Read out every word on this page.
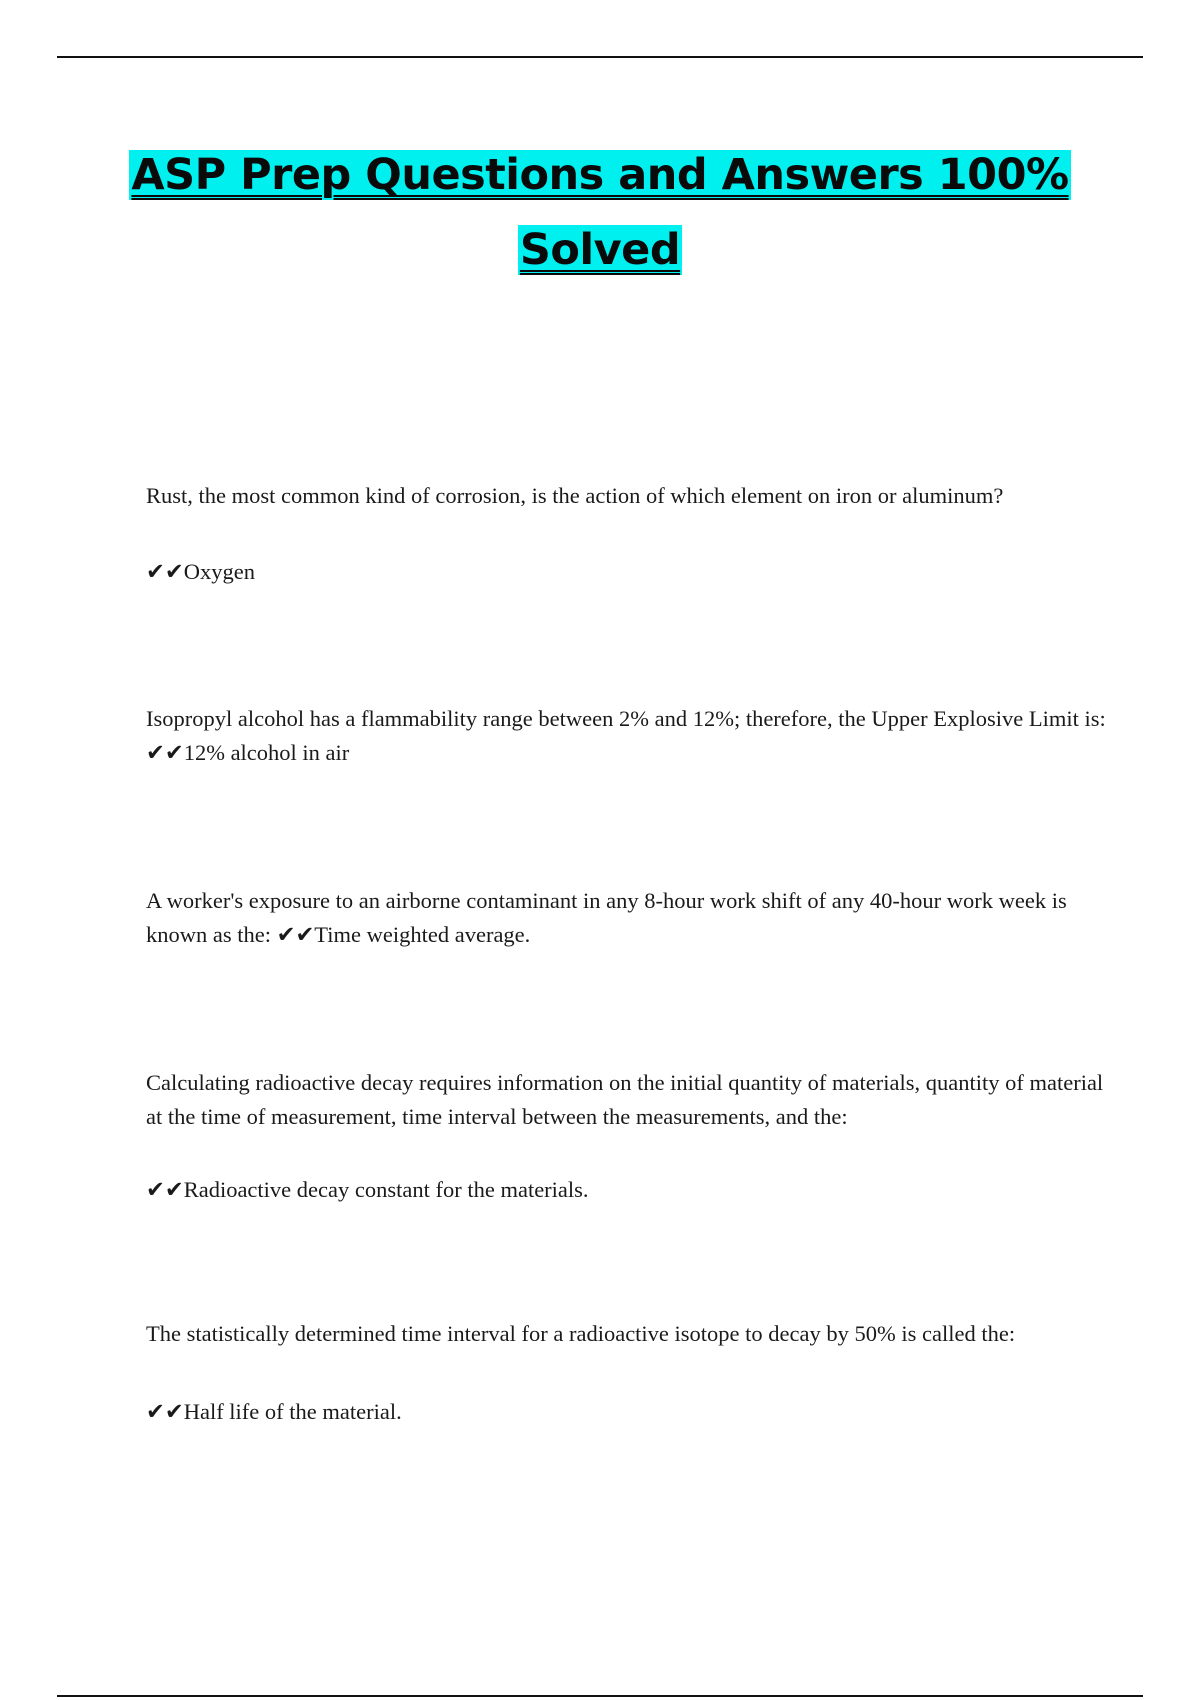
ASP Prep Questions and Answers 100%
Solved

Rust, the most common kind of corrosion, is the action of which element on iron or aluminum?

✔✔Oxygen

Isopropyl alcohol has a flammability range between 2% and 12%; therefore, the Upper Explosive Limit is: ✔✔12% alcohol in air

A worker's exposure to an airborne contaminant in any 8-hour work shift of any 40-hour work week is known as the: ✔✔Time weighted average.

Calculating radioactive decay requires information on the initial quantity of materials, quantity of material at the time of measurement, time interval between the measurements, and the:

✔✔Radioactive decay constant for the materials.

The statistically determined time interval for a radioactive isotope to decay by 50% is called the:

✔✔Half life of the material.
